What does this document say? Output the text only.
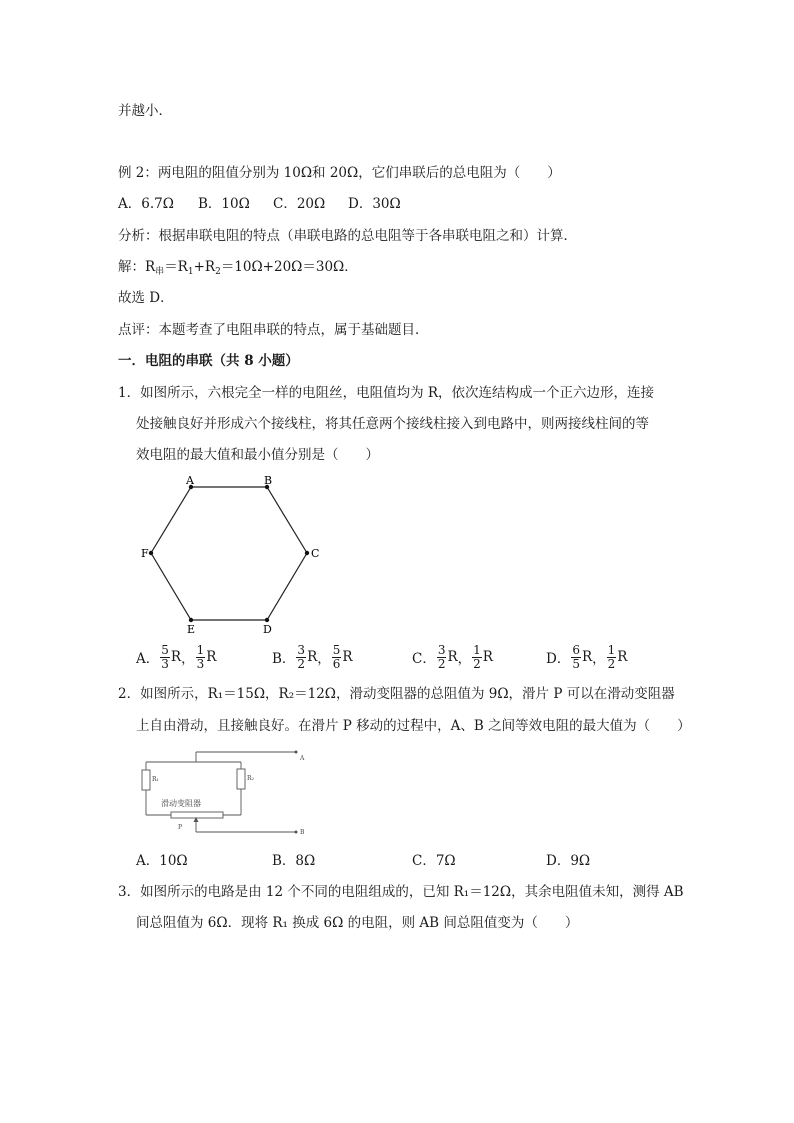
并越小．
例 2：两电阻的阻值分别为 10Ω和 20Ω，它们串联后的总电阻为（　　）
A．6.7Ω B．10Ω C．20Ω D．30Ω
分析：根据串联电阻的特点（串联电路的总电阻等于各串联电阻之和）计算．
解：$R_串=R_1+R_2=10\Omega+20\Omega=30\Omega$．
故选 D．
点评：本题考查了电阻串联的特点，属于基础题目．
一．电阻的串联（共 8 小题）
1．如图所示，六根完全一样的电阻丝，电阻值均为 R，依次连结构成一个正六边形，连接
处接触良好并形成六个接线柱，将其任意两个接线柱接入到电路中，则两接线柱间的等
效电阻的最大值和最小值分别是（　　）
A	B
C
D
E
F
A． $\frac{5}{3}$ R ， $\frac{1}{3}$ R	B． $\frac{3}{2}$ R ， $\frac{5}{6}$ R	C． $\frac{3}{2}$ R ， $\frac{1}{2}$ R	D． $\frac{6}{5}$ R ， $\frac{1}{2}$ R
2．如图所示，R₁＝15Ω，R₂＝12Ω，滑动变阻器的总阻值为 9Ω，滑片 P 可以在滑动变阻器
上自由滑动，且接触良好。在滑片 P 移动的过程中，A、B 之间等效电阻的最大值为（　　）
R₁	R₂
滑动变阻器
P
A
B
A．10Ω	B．8Ω	C．7Ω	D．9Ω
3．如图所示的电路是由 12 个不同的电阻组成的，已知 R₁＝12Ω，其余电阻值未知，测得 AB
间总阻值为 6Ω．现将 R₁ 换成 6Ω 的电阻，则 AB 间总阻值变为（　　）
